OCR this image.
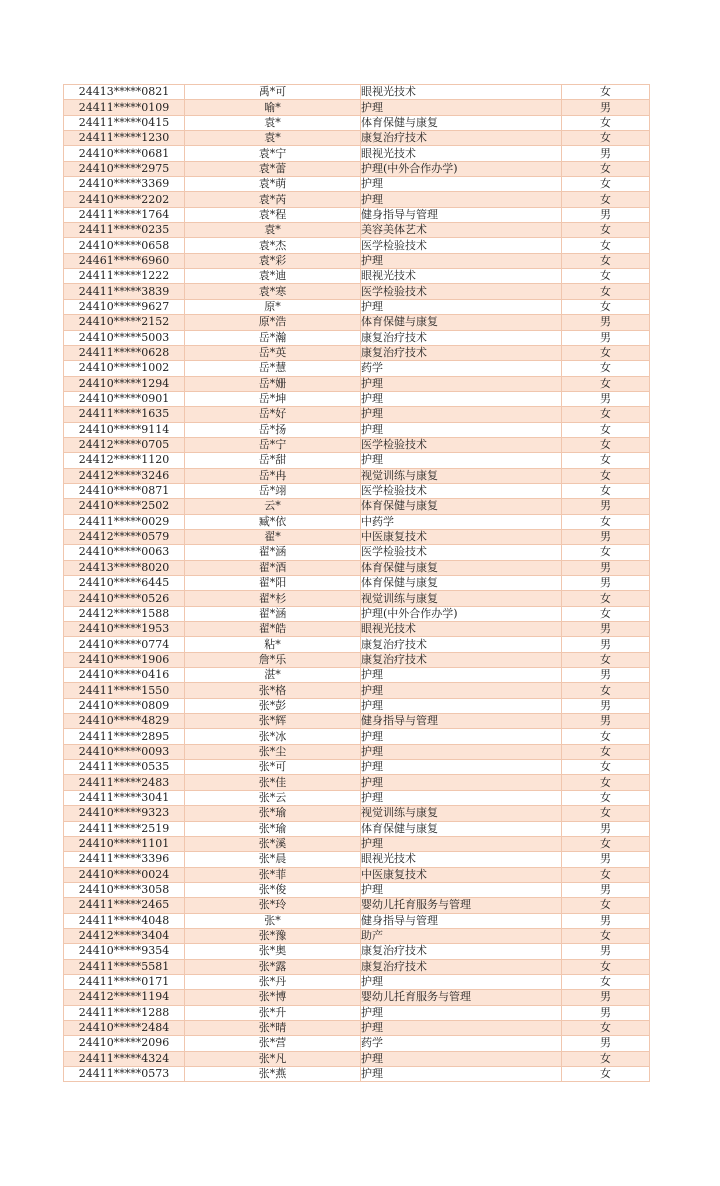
24413*****0821	禹*可	眼视光技术	女
24411*****0109	喻*	护理	男
24411*****0415	袁*	体育保健与康复	女
24411*****1230	袁*	康复治疗技术	女
24410*****0681	袁*宁	眼视光技术	男
24410*****2975	袁*蕾	护理(中外合作办学)	女
24410*****3369	袁*萌	护理	女
24410*****2202	袁*芮	护理	女
24411*****1764	袁*程	健身指导与管理	男
24411*****0235	袁*	美容美体艺术	女
24410*****0658	袁*杰	医学检验技术	女
24461*****6960	袁*彩	护理	女
24411*****1222	袁*迪	眼视光技术	女
24411*****3839	袁*寒	医学检验技术	女
24410*****9627	原*	护理	女
24410*****2152	原*浩	体育保健与康复	男
24410*****5003	岳*瀚	康复治疗技术	男
24411*****0628	岳*英	康复治疗技术	女
24410*****1002	岳*慧	药学	女
24410*****1294	岳*姗	护理	女
24410*****0901	岳*坤	护理	男
24411*****1635	岳*好	护理	女
24410*****9114	岳*扬	护理	女
24412*****0705	岳*宁	医学检验技术	女
24412*****1120	岳*甜	护理	女
24412*****3246	岳*冉	视觉训练与康复	女
24410*****0871	岳*翊	医学检验技术	女
24410*****2502	云*	体育保健与康复	男
24411*****0029	臧*依	中药学	女
24412*****0579	翟*	中医康复技术	男
24410*****0063	翟*涵	医学检验技术	女
24413*****8020	翟*酒	体育保健与康复	男
24410*****6445	翟*阳	体育保健与康复	男
24410*****0526	翟*杉	视觉训练与康复	女
24412*****1588	翟*涵	护理(中外合作办学)	女
24410*****1953	翟*皓	眼视光技术	男
24410*****0774	粘*	康复治疗技术	男
24410*****1906	詹*乐	康复治疗技术	女
24410*****0416	湛*	护理	男
24411*****1550	张*格	护理	女
24410*****0809	张*彭	护理	男
24410*****4829	张*辉	健身指导与管理	男
24411*****2895	张*冰	护理	女
24410*****0093	张*尘	护理	女
24411*****0535	张*可	护理	女
24411*****2483	张*佳	护理	女
24411*****3041	张*云	护理	女
24410*****9323	张*瑜	视觉训练与康复	女
24411*****2519	张*瑜	体育保健与康复	男
24410*****1101	张*溪	护理	女
24411*****3396	张*晨	眼视光技术	男
24410*****0024	张*菲	中医康复技术	女
24410*****3058	张*俊	护理	男
24411*****2465	张*玲	婴幼儿托育服务与管理	女
24411*****4048	张*	健身指导与管理	男
24412*****3404	张*豫	助产	女
24410*****9354	张*奥	康复治疗技术	男
24411*****5581	张*露	康复治疗技术	女
24411*****0171	张*丹	护理	女
24412*****1194	张*博	婴幼儿托育服务与管理	男
24411*****1288	张*升	护理	男
24410*****2484	张*晴	护理	女
24410*****2096	张*营	药学	男
24411*****4324	张*凡	护理	女
24411*****0573	张*燕	护理	女
